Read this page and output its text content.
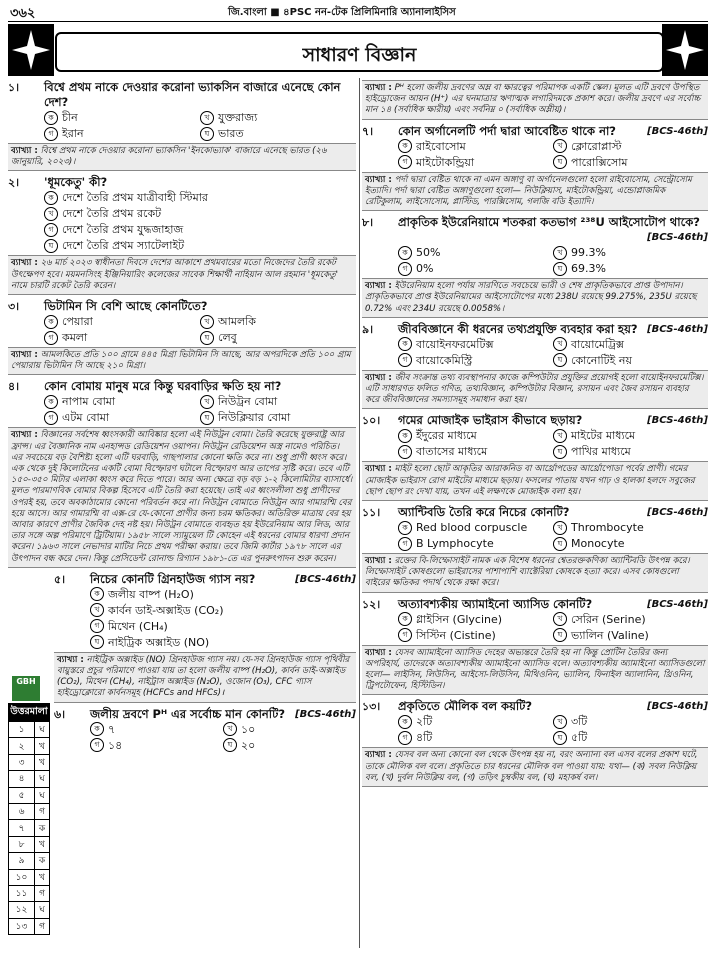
৩৬২	জি.বাংলা ■ ৪PSC নন-টেক প্রিলিমিনারি অ্যানালাইসিস
সাধারণ বিজ্ঞান
১।	বিশ্বে প্রথম নাকে দেওয়ার করোনা ভ্যাকসিন বাজারে এনেছে কোন দেশ?
ক চীন	খ যুক্তরাজ্য
গ ইরান	ঘ ভারত
ব্যাখ্যা : বিশ্বে প্রথম নাকে দেওয়ার করোনা ভ্যাকসিন 'ইনকোভ্যাক' বাজারে এনেছে ভারত (২৬ জানুয়ারি, ২০২৩)।
২।	'ধূমকেতু' কী?
ক দেশে তৈরি প্রথম যাত্রীবাহী স্টিমার
খ দেশে তৈরি প্রথম রকেট
গ দেশে তৈরি প্রথম যুদ্ধজাহাজ
ঘ দেশে তৈরি প্রথম স্যাটেলাইট
ব্যাখ্যা : ২৬ মার্চ ২০২৩ স্বাধীনতা দিবসে দেশের আকাশে প্রথমবারের মতো নিজেদের তৈরি রকেট উৎক্ষেপণ হবে। ময়মনসিংহ ইঞ্জিনিয়ারিং কলেজের সাবেক শিক্ষার্থী নাহিয়ান আল রহমান 'ধূমকেতু' নামে চারটি রকেট তৈরি করেন।
৩।	ভিটামিন সি বেশি আছে কোনটিতে?
ক পেয়ারা	খ আমলকি
গ কমলা	ঘ লেবু
ব্যাখ্যা : আমলকিতে প্রতি ১০০ গ্রামে ৪৪৫ মিগ্রা ভিটামিন সি আছে, আর অপরদিকে প্রতি ১০০ গ্রাম পেয়ারায় ভিটামিন সি আছে ২১০ মিগ্রা।
৪।	কোন বোমায় মানুষ মরে কিন্তু ঘরবাড়ির ক্ষতি হয় না?
ক নাপাম বোমা	খ নিউট্রন বোমা
গ এটম বোমা	ঘ নিউক্লিয়ার বোমা
ব্যাখ্যা : বিজ্ঞানের সর্বশেষ ধ্বংসকারী আবিষ্কার হলো এই নিউট্রন বোমা। তৈরি করেছে যুক্তরাষ্ট্র আর ফ্রান্স। এর বৈজ্ঞানিক নাম এনহান্সড রেডিয়েশন ওয়াপন। নিউট্রন রেডিয়েশন অস্ত্র নামেও পরিচিত। এর সবচেয়ে বড় বৈশিষ্ট্য হলো এটি ঘরবাড়ি, গাছপালার কোনো ক্ষতি করে না। শুধু প্রাণী ধ্বংস করে। এক থেকে দুই কিলোটনের একটি বোমা বিস্ফোরণ ঘটালে বিস্ফোরণ আর তাপের সৃষ্টি করে। তবে এটি ১৫০-৩৫০ মিটার এলাকা ধ্বংস করে দিতে পারে। আর অন্য ক্ষেত্রে বড় বড় ১-২ কিলোমিটার ব্যাসার্ধে। মূলত পারমাণবিক বোমার বিকল্প হিসেবে এটি তৈরি করা হয়েছে। তাই এর ধ্বংসলীলা শুধু প্রাণীদের ওপরই হয়, তবে অবকাঠামোর কোনো পরিবর্তন করে না। নিউট্রন বোমাতে নিউট্রন আর গামারশ্মি বের হয়ে আসে। আর গামারশ্মি বা এক্স-রে যে-কোনো প্রাণীর জন্য চরম ক্ষতিকর। অতিরিক্ত মাত্রায় বের হয় আবার কারণে প্রাণীর জৈবিক দেহ নষ্ট হয়। নিউট্রন বোমাতে ব্যবহৃত হয় ইউরেনিয়াম আর লিড, আর তার সঙ্গে অল্প পরিমাণে ট্রিটিয়াম। ১৯৫৮ সালে স্যামুয়েল টি কোহেন এই ধরনের বোমার ধারণা প্রদান করেন। ১৯৬৩ সালে নেভাদার মাটির নিচে প্রথম পরীক্ষা করায়। তবে জিমি কার্টার ১৯৭৮ সালে এর উৎপাদন বন্ধ করে দেন। কিন্তু প্রেসিডেন্ট রোনাল্ড রিগ্যান ১৯৮১-তে এর পুনরুৎপাদন শুরু করেন।
৫।	নিচের কোনটি গ্রিনহাউজ গ্যাস নয়?	[BCS-46th]
ক জলীয় বাষ্প (H₂O)
খ কার্বন ডাই-অক্সাইড (CO₂)
গ মিথেন (CH₄)
ঘ নাইট্রিক অক্সাইড (NO)
ব্যাখ্যা : নাইট্রিক অক্সাইড (NO) গ্রিনহাউজ গ্যাস নয়। যে-সব গ্রিনহাউজ গ্যাস পৃথিবীর বায়ুস্তরে প্রচুর পরিমাণে পাওয়া যায় তা হলো জলীয় বাষ্প (H₂O), কার্বন ডাই-অক্সাইড (CO₂), মিথেন (CH₄), নাইট্রাস অক্সাইড (N₂O), ওজোন (O₃), CFC গ্যাস হাইড্রোক্লোরো কার্বনসমূহ (HCFCs and HFCs)।
৬।	জলীয় দ্রবণে Pᴴ এর সর্বোচ্চ মান কোনটি? [BCS-46th]
ক ৭	খ ১০
গ ১৪	ঘ ২০
ব্যাখ্যা : Pᴴ হলো জলীয় দ্রবণের অম্ল বা ক্ষারত্বের পরিমাপক একটি স্কেল। মূলত এটি দ্রবণে উপস্থিত হাইড্রোজেন আয়ন (H⁺) এর ঘনমাত্রার ঋণাত্মক লগারিদমকে প্রকাশ করে। জলীয় দ্রবণে এর সর্বোচ্চ মান ১৪ (সর্বাধিক ক্ষারীয়) এবং সর্বনিম্ন ০ (সর্বাধিক অম্লীয়)।
৭।	কোন অর্গানেলটি পর্দা দ্বারা আবেষ্টিত থাকে না?	[BCS-46th]
ক রাইবোসোম	খ ক্লোরোপ্লাস্ট
গ মাইটোকন্ড্রিয়া	ঘ পারোক্সিসোম
ব্যাখ্যা : পর্দা দ্বারা বেষ্টিত থাকে না এমন অঙ্গাণু বা অর্গানেলগুলো হলো রাইবোসোম, সেন্ট্রোসোম ইত্যাদি। পর্দা দ্বারা বেষ্টিত অঙ্গাণুগুলো হলো— নিউক্লিয়াস, মাইটোকন্ড্রিয়া, এন্ডোপ্লাজমিক রেটিকুলাম, লাইসোসোম, প্লাস্টিড, পারক্সিসোম, গলজি বডি ইত্যাদি।
৮।	প্রাকৃতিক ইউরেনিয়ামে শতকরা কতভাগ ²³⁸U আইসোটোপ থাকে?
[BCS-46th]
ক 50%	খ 99.3%
গ 0%	ঘ 69.3%
ব্যাখ্যা : ইউরেনিয়াম হলো পর্যায় সারণিতে সবচেয়ে ভারী ও শেষ প্রাকৃতিকভাবে প্রাপ্ত উপাদান। প্রাকৃতিকভাবে প্রাপ্ত ইউরেনিয়ামের আইসোটোপের মধ্যে 238U রয়েছে 99.275%, 235U রয়েছে 0.72% এবং 234U রয়েছে 0.0058%।
৯।	জীববিজ্ঞানে কী ধরনের তথ্যপ্রযুক্তি ব্যবহার করা হয়? [BCS-46th]
ক বায়োইনফরমেটিক্স	খ বায়োমেট্রিক্স
গ বায়োকেমিস্ট্রি	ঘ কোনোটিই নয়
ব্যাখ্যা : জীব সংক্রান্ত তথ্য ব্যবস্থাপনার কাজে কম্পিউটার প্রযুক্তির প্রয়োগই হলো বায়োইনফরমেটিক্স। এটি সাধারণত ফলিত গণিত, তথ্যবিজ্ঞান, কম্পিউটার বিজ্ঞান, রসায়ন এবং জৈব রসায়ন ব্যবহার করে জীববিজ্ঞানের সমস্যাসমূহ সমাধান করা হয়।
১০।	গমের মোজাইক ভাইরাস কীভাবে ছড়ায়?	[BCS-46th]
ক ইঁদুরের মাধ্যমে	খ মাইটের মাধ্যমে
গ বাতাসের মাধ্যমে	ঘ পাখির মাধ্যমে
ব্যাখ্যা : মাইট হলো ছোট আকৃতির আরাকনিড বা আর্থ্রোপডের আর্থ্রোপোডা পর্বের প্রাণী। গমের মোজাইক ভাইরাস রোগ মাইটের মাধ্যমে ছড়ায়। ফসলের পাতায় যখন গাঢ় ও হালকা হলদে সবুজের ছোপ ছোপ রং দেখা যায়, তখন এই লক্ষণকে মোজাইক বলা হয়।
১১।	অ্যান্টিবডি তৈরি করে নিচের কোনটি?	[BCS-46th]
ক Red blood corpuscle	খ Thrombocyte
গ B Lymphocyte	ঘ Monocyte
ব্যাখ্যা : রক্তের বি-লিম্ফোসাইট নামক এক বিশেষ ধরনের শ্বেতরক্তকণিকা অ্যান্টিবডি উৎপন্ন করে। লিম্ফোসাইট কোষগুলো ভাইরাসের পাশাপাশি ব্যাক্টেরিয়া কোষকে হত্যা করে। এসব কোষগুলো বাইরের ক্ষতিকর পদার্থ থেকে রক্ষা করে।
১২।	অত্যাবশ্যকীয় অ্যামাইনো অ্যাসিড কোনটি?	[BCS-46th]
ক গ্লাইসিন (Glycine)	খ সেরিন (Serine)
গ সিস্টিন (Cistine)	ঘ ভ্যালিন (Valine)
ব্যাখ্যা : যেসব অ্যামাইনো অ্যাসিড দেহের অভ্যন্তরে তৈরি হয় না কিন্তু প্রোটিন তৈরির জন্য অপরিহার্য, তাদেরকে অত্যাবশ্যকীয় অ্যামাইনো অ্যাসিড বলে। অত্যাবশ্যকীয় অ্যামাইনো অ্যাসিডগুলো হলো— লাইসিন, লিউসিন, আইসো-লিউসিন, মিথিওনিন, ভ্যালিন, ফিনাইল অ্যালানিন, থ্রিওনিন, ট্রিপটোফেন, হিস্টিডিন।
১৩।	প্রকৃতিতে মৌলিক বল কয়টি?	[BCS-46th]
ক ২টি	খ ৩টি
গ ৪টি	ঘ ৫টি
ব্যাখ্যা : যেসব বল অন্য কোনো বল থেকে উৎপন্ন হয় না, বরং অন্যান্য বল এসব বলের প্রকাশ ঘটে, তাকে মৌলিক বল বলে। প্রকৃতিতে চার ধরনের মৌলিক বল পাওয়া যায়: যথা— (ক) সবল নিউক্লিয় বল, (খ) দুর্বল নিউক্লিয় বল, (গ) তড়িৎ চুম্বকীয় বল, (ঘ) মহাকর্ষ বল।
GBH
উত্তরমালা
১	ঘ
২	খ
৩	খ
৪	ঘ
৫	ঘ
৬	গ
৭	ক
৮	খ
৯	ক
১০	খ
১১	গ
১২	ঘ
১৩	গ
